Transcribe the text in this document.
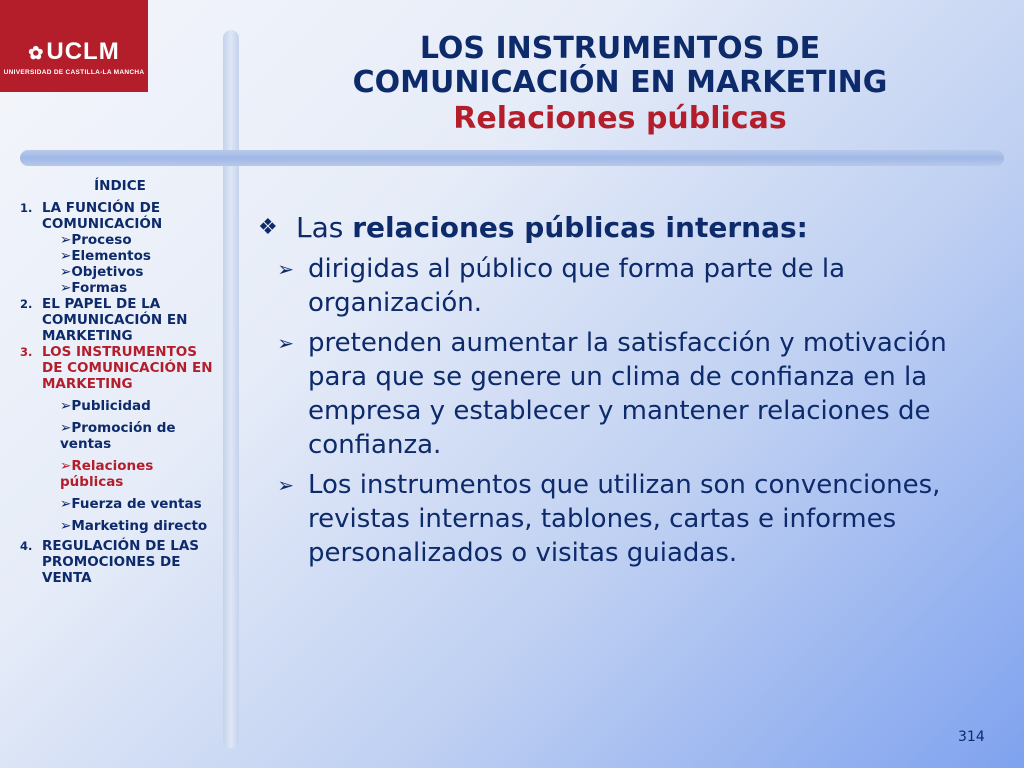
✿UCLM
UNIVERSIDAD DE CASTILLA-LA MANCHA
LOS INSTRUMENTOS DE
COMUNICACIÓN EN MARKETING
Relaciones públicas
ÍNDICE
1. LA FUNCIÓN DE COMUNICACIÓN
➢Proceso
➢Elementos
➢Objetivos
➢Formas
2. EL PAPEL DE LA COMUNICACIÓN EN MARKETING
3. LOS INSTRUMENTOS DE COMUNICACIÓN EN MARKETING
➢Publicidad
➢Promoción de ventas
➢Relaciones públicas
➢Fuerza de ventas
➢Marketing directo
4. REGULACIÓN DE LAS PROMOCIONES DE VENTA
❖ Las relaciones públicas internas:
➢ dirigidas al público que forma parte de la organización.
➢ pretenden aumentar la satisfacción y motivación para que se genere un clima de confianza en la empresa y establecer y mantener relaciones de confianza.
➢ Los instrumentos que utilizan son convenciones, revistas internas, tablones, cartas e informes personalizados o visitas guiadas.
314
